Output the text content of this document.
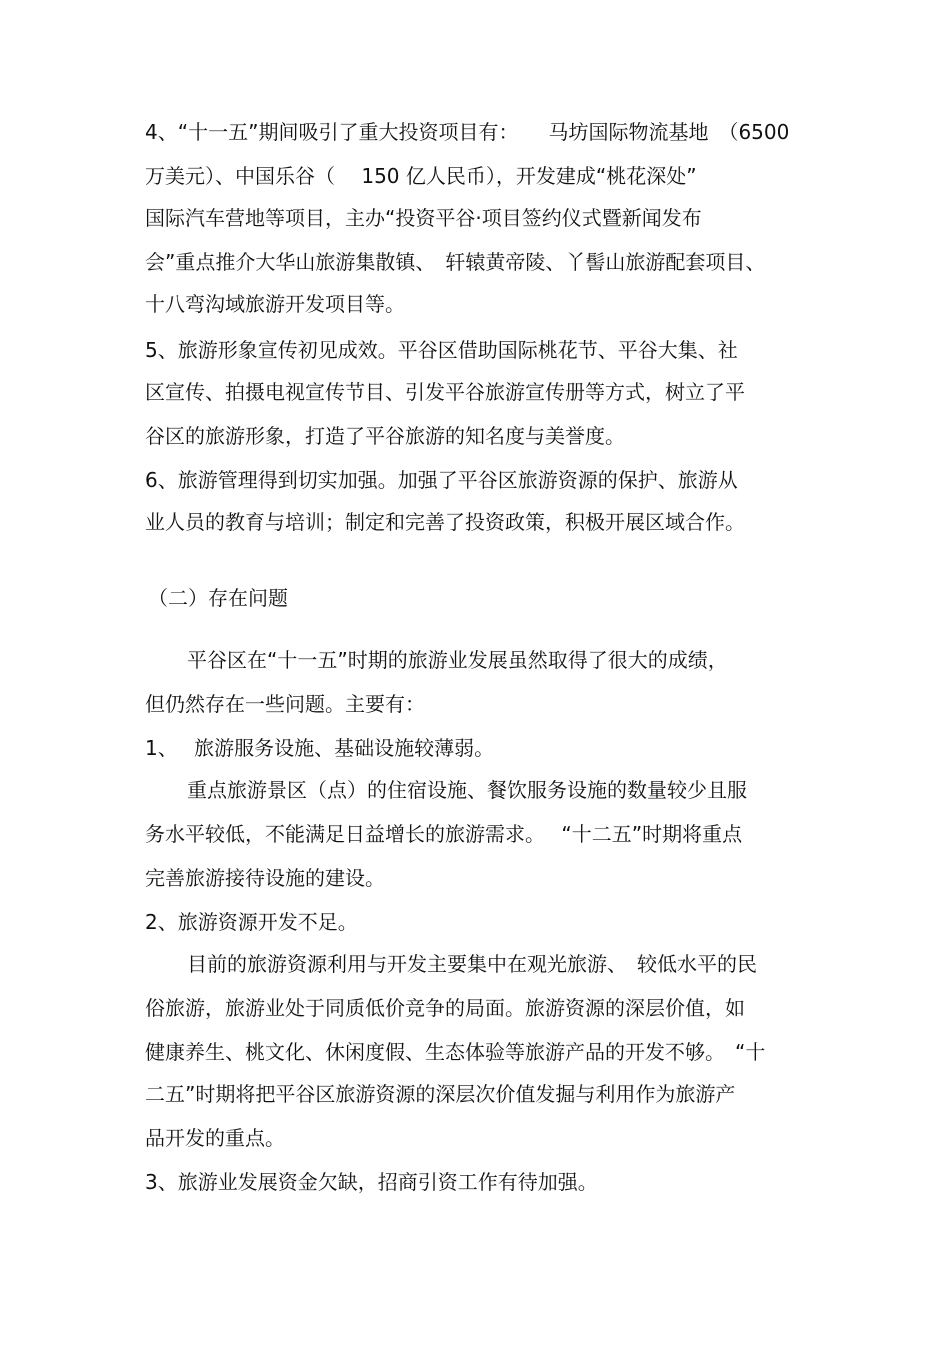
4、“十一五”期间吸引了重大投资项目有：　　马坊国际物流基地　（6500
万美元）、中国乐谷（　 150 亿人民币），开发建成“桃花深处”
国际汽车营地等项目，主办“投资平谷·项目签约仪式暨新闻发布
会”重点推介大华山旅游集散镇、　轩辕黄帝陵、丫髻山旅游配套项目、
十八弯沟域旅游开发项目等。
5、旅游形象宣传初见成效。平谷区借助国际桃花节、平谷大集、社
区宣传、拍摄电视宣传节目、引发平谷旅游宣传册等方式，树立了平
谷区的旅游形象，打造了平谷旅游的知名度与美誉度。
6、旅游管理得到切实加强。加强了平谷区旅游资源的保护、旅游从
业人员的教育与培训；制定和完善了投资政策，积极开展区域合作。
（二）存在问题
平谷区在“十一五”时期的旅游业发展虽然取得了很大的成绩，
但仍然存在一些问题。主要有：
1、　 旅游服务设施、基础设施较薄弱。
重点旅游景区（点）的住宿设施、餐饮服务设施的数量较少且服
务水平较低，不能满足日益增长的旅游需求。　 “十二五”时期将重点
完善旅游接待设施的建设。
2、旅游资源开发不足。
目前的旅游资源利用与开发主要集中在观光旅游、　较低水平的民
俗旅游，旅游业处于同质低价竞争的局面。旅游资源的深层价值，如
健康养生、桃文化、休闲度假、生态体验等旅游产品的开发不够。　“十
二五”时期将把平谷区旅游资源的深层次价值发掘与利用作为旅游产
品开发的重点。
3、旅游业发展资金欠缺，招商引资工作有待加强。
